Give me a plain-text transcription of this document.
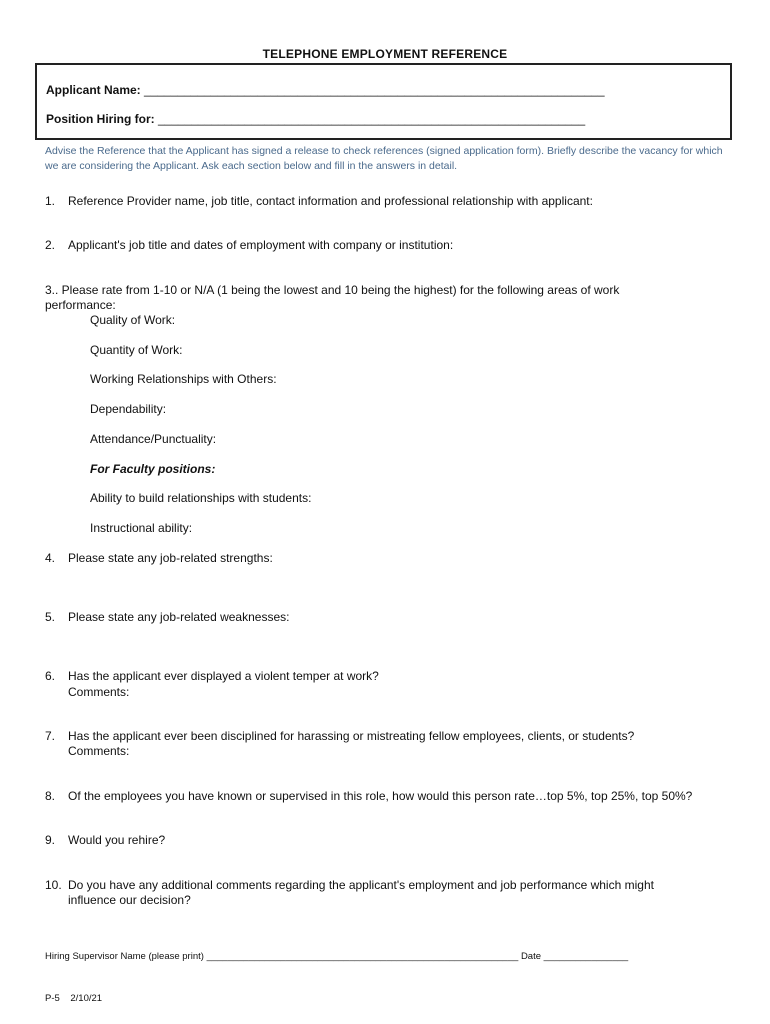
TELEPHONE EMPLOYMENT REFERENCE
Applicant Name: _____________________________________________________________________
Position Hiring for: ________________________________________________________________
Advise the Reference that the Applicant has signed a release to check references (signed application form). Briefly describe the vacancy for which we are considering the Applicant. Ask each section below and fill in the answers in detail.
1. Reference Provider name, job title, contact information and professional relationship with applicant:
2. Applicant's job title and dates of employment with company or institution:
3.. Please rate from 1-10 or N/A (1 being the lowest and 10 being the highest) for the following areas of work
performance:
Quality of Work:
Quantity of Work:
Working Relationships with Others:
Dependability:
Attendance/Punctuality:
For Faculty positions:
Ability to build relationships with students:
Instructional ability:
4. Please state any job-related strengths:
5. Please state any job-related weaknesses:
6. Has the applicant ever displayed a violent temper at work?
Comments:
7. Has the applicant ever been disciplined for harassing or mistreating fellow employees, clients, or students?
Comments:
8. Of the employees you have known or supervised in this role, how would this person rate…top 5%, top 25%, top 50%?
9. Would you rehire?
10. Do you have any additional comments regarding the applicant's employment and job performance which might
influence our decision?
Hiring Supervisor Name (please print) ___________________________________________________________ Date ________________
P-5 2/10/21
